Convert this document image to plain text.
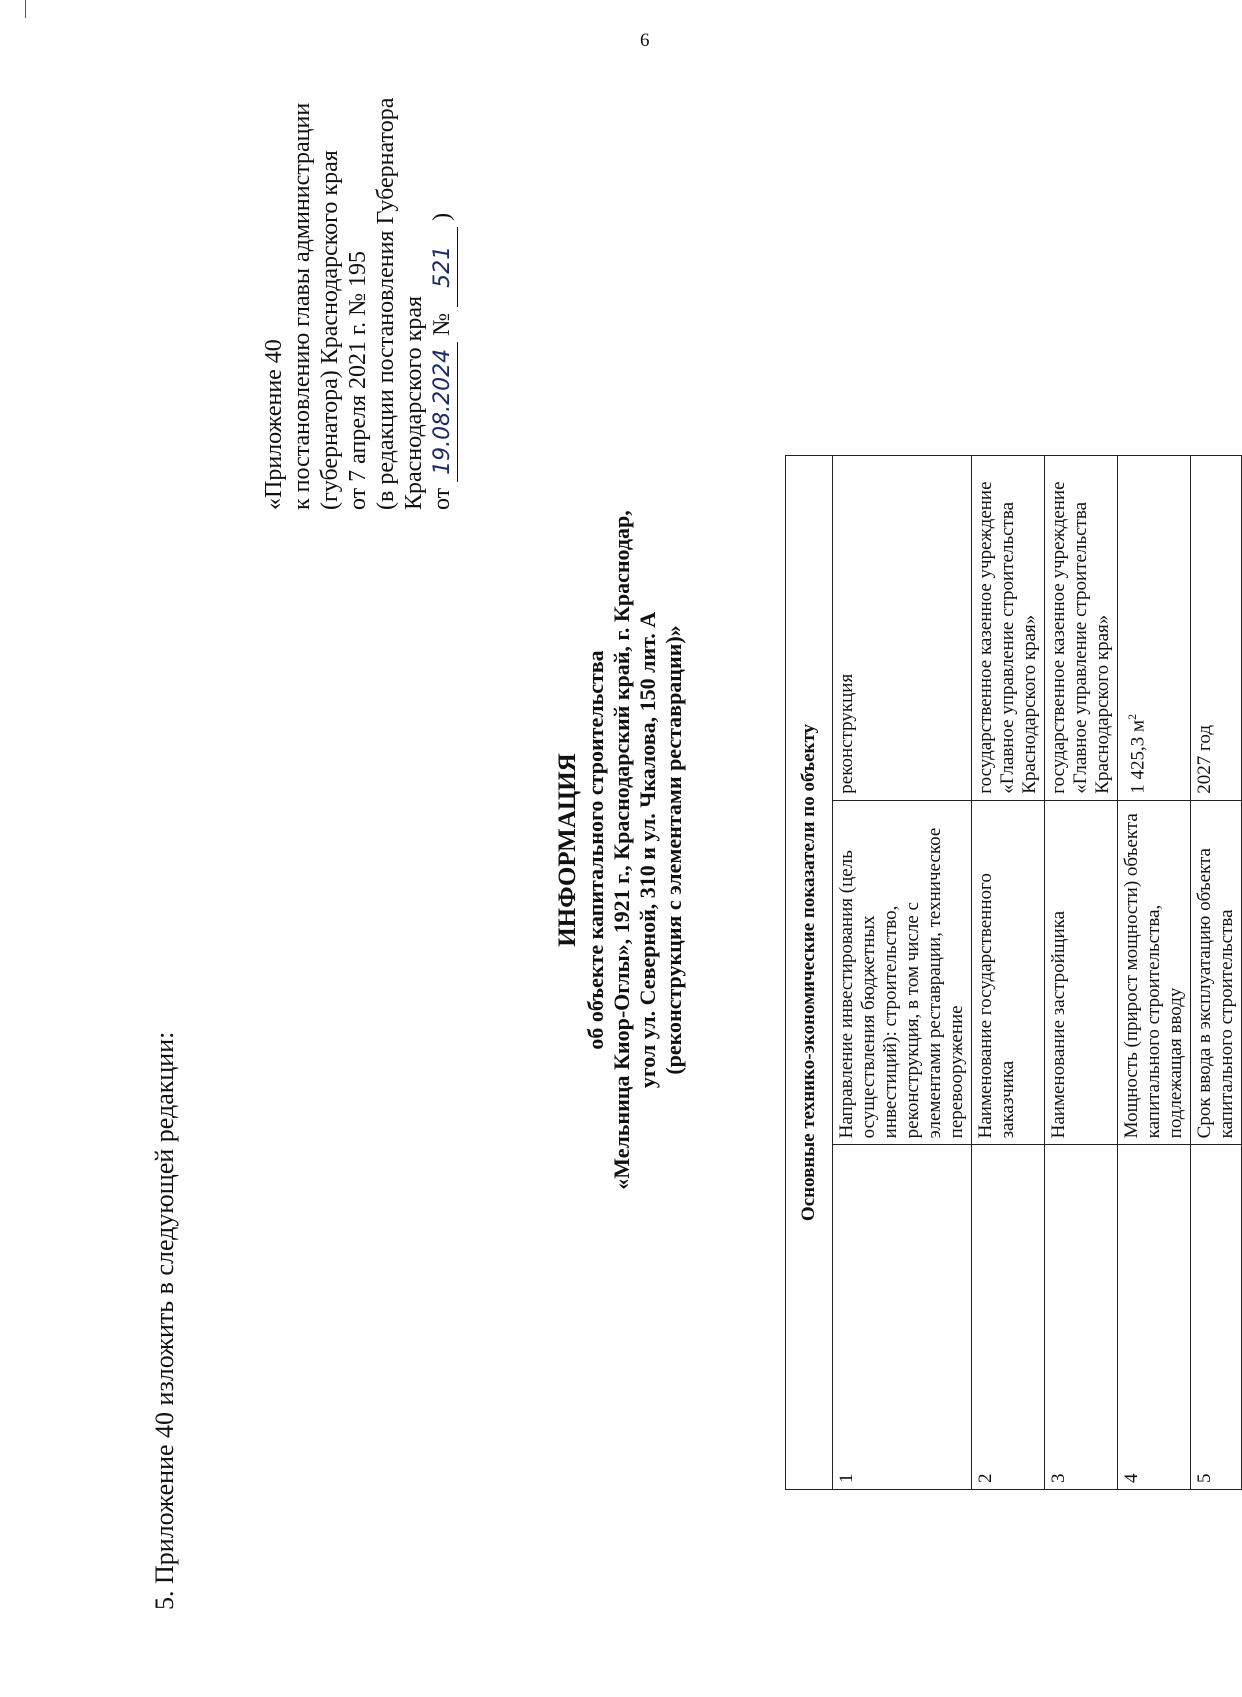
6
5. Приложение 40 изложить в следующей редакции:
«Приложение 40 к постановлению главы администрации (губернатора) Краснодарского края от 7 апреля 2021 г. № 195 (в редакции постановления Губернатора Краснодарского края от 19.08.2024 № 521 )
ИНФОРМАЦИЯ об объекте капитального строительства «Мельница Киор-Оглы», 1921 г., Краснодарский край, г. Краснодар, угол ул. Северной, 310 и ул. Чкалова, 150 лит. А (реконструкция с элементами реставрации)»	Основные технико-экономические показатели по объекту		
1	Направление инвестирования (цель осуществления бюджетных инвестиций): строительство, реконструкция, в том числе с элементами реставрации, техническое перевооружение	реконструкция
2	Наименование государственного заказчика	государственное казенное учреждение «Главное управление строительства Краснодарского края»
3	Наименование застройщика	государственное казенное учреждение «Главное управление строительства Краснодарского края»
4	Мощность (прирост мощности) объекта капитального строительства, подлежащая вводу	1 425,3 $м^2$
5	Срок ввода в эксплуатацию объекта капитального строительства	2027 год
